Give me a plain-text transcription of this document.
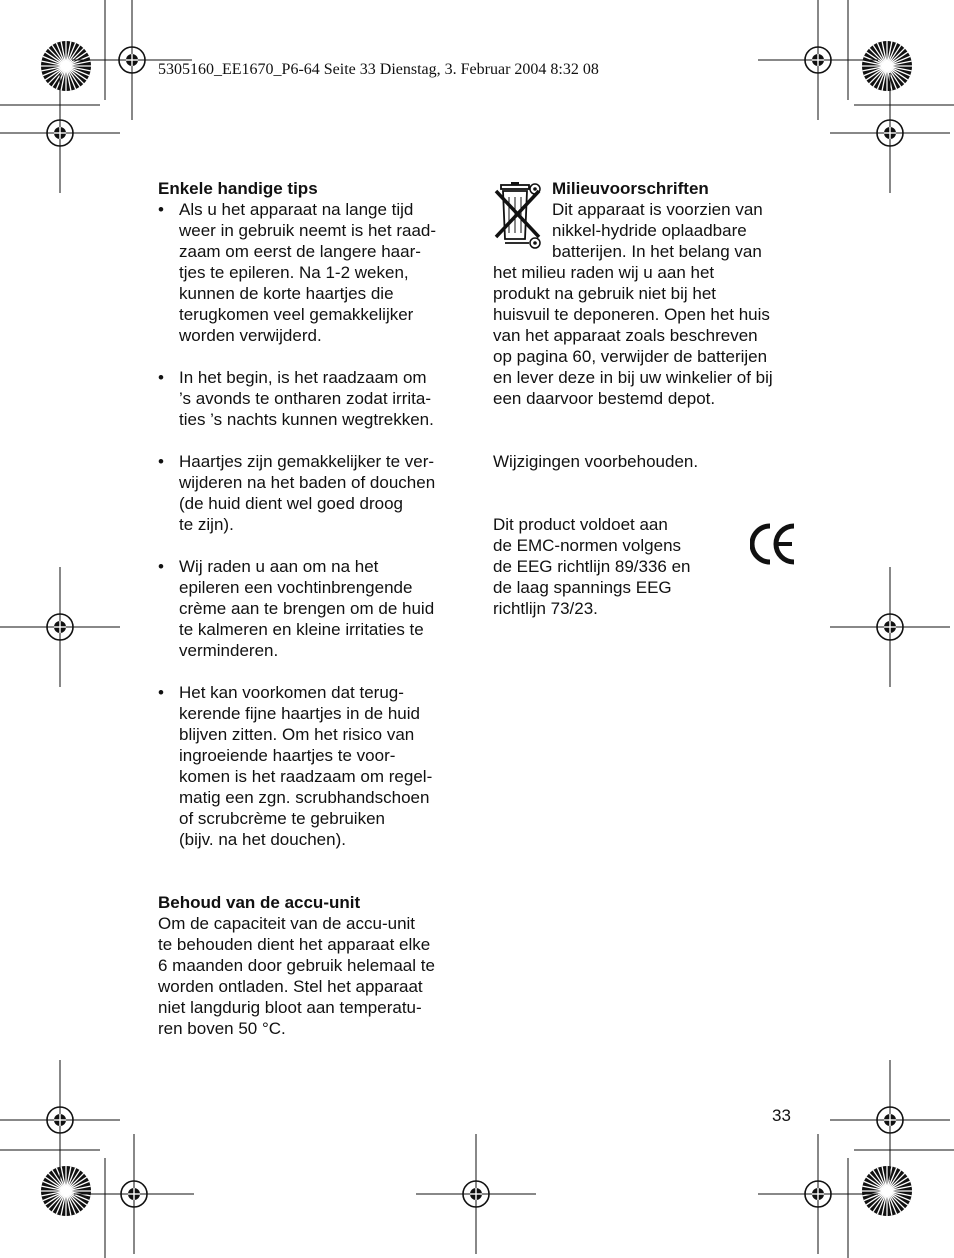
5305160_EE1670_P6-64 Seite 33 Dienstag, 3. Februar 2004 8:32 08
Enkele handige tips
• Als u het apparaat na lange tijd
weer in gebruik neemt is het raad-
zaam om eerst de langere haar-
tjes te epileren. Na 1-2 weken,
kunnen de korte haartjes die
terugkomen veel gemakkelijker
worden verwijderd.
• In het begin, is het raadzaam om
’s avonds te ontharen zodat irrita-
ties ’s nachts kunnen wegtrekken.
• Haartjes zijn gemakkelijker te ver-
wijderen na het baden of douchen
(de huid dient wel goed droog
te zijn).
• Wij raden u aan om na het
epileren een vochtinbrengende
crème aan te brengen om de huid
te kalmeren en kleine irritaties te
verminderen.
• Het kan voorkomen dat terug-
kerende fijne haartjes in de huid
blijven zitten. Om het risico van
ingroeiende haartjes te voor-
komen is het raadzaam om regel-
matig een zgn. scrubhandschoen
of scrubcrème te gebruiken
(bijv. na het douchen).
Behoud van de accu-unit
Om de capaciteit van de accu-unit
te behouden dient het apparaat elke
6 maanden door gebruik helemaal te
worden ontladen. Stel het apparaat
niet langdurig bloot aan temperatu-
ren boven 50 °C.
Milieuvoorschriften
Dit apparaat is voorzien van
nikkel-hydride oplaadbare
batterijen. In het belang van
het milieu raden wij u aan het
produkt na gebruik niet bij het
huisvuil te deponeren. Open het huis
van het apparaat zoals beschreven
op pagina 60, verwijder de batterijen
en lever deze in bij uw winkelier of bij
een daarvoor bestemd depot.
Wijzigingen voorbehouden.
Dit product voldoet aan
de EMC-normen volgens
de EEG richtlijn 89/336 en
de laag spannings EEG
richtlijn 73/23.
33
